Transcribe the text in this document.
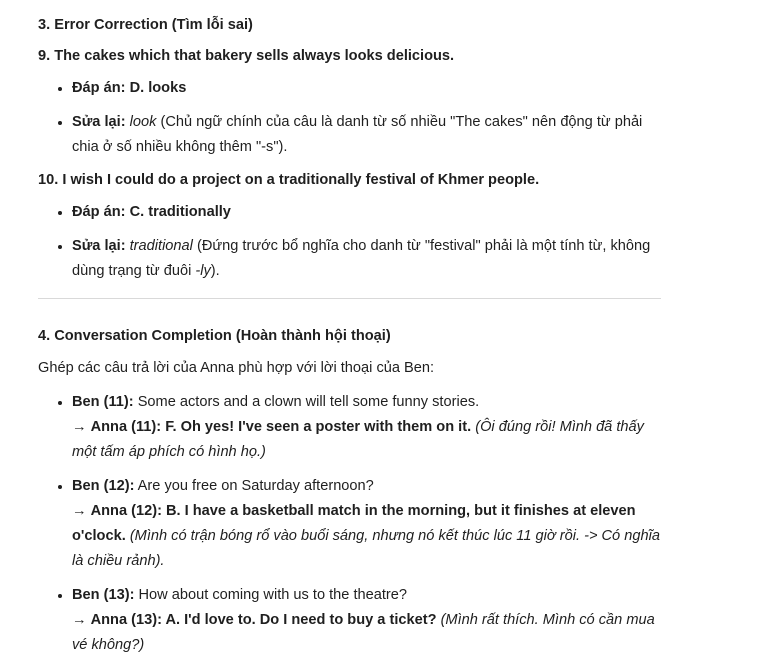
3. Error Correction (Tìm lỗi sai)
9. The cakes which that bakery sells always looks delicious.
• Đáp án: D. looks
• Sửa lại: look (Chủ ngữ chính của câu là danh từ số nhiều "The cakes" nên động từ phải chia ở số nhiều không thêm "-s").
10. I wish I could do a project on a traditionally festival of Khmer people.
• Đáp án: C. traditionally
• Sửa lại: traditional (Đứng trước bổ nghĩa cho danh từ "festival" phải là một tính từ, không dùng trạng từ đuôi -ly).
4. Conversation Completion (Hoàn thành hội thoại)

Ghép các câu trả lời của Anna phù hợp với lời thoại của Ben:

• Ben (11): Some actors and a clown will tell some funny stories.
→ Anna (11): F. Oh yes! I've seen a poster with them on it. (Ôi đúng rồi! Mình đã thấy một tấm áp phích có hình họ.)
• Ben (12): Are you free on Saturday afternoon?
→ Anna (12): B. I have a basketball match in the morning, but it finishes at eleven o'clock. (Mình có trận bóng rổ vào buổi sáng, nhưng nó kết thúc lúc 11 giờ rồi. -> Có nghĩa là chiều rảnh).
• Ben (13): How about coming with us to the theatre?
→ Anna (13): A. I'd love to. Do I need to buy a ticket? (Mình rất thích. Mình có cần mua vé không?)
